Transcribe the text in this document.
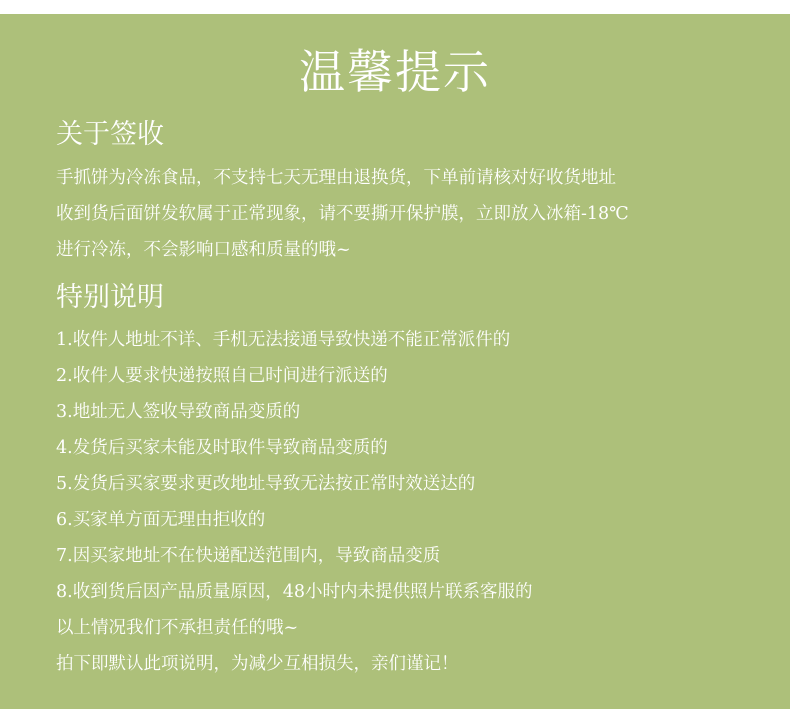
温馨提示
关于签收
手抓饼为冷冻食品，不支持七天无理由退换货，下单前请核对好收货地址
收到货后面饼发软属于正常现象，请不要撕开保护膜，立即放入冰箱-18℃
进行冷冻，不会影响口感和质量的哦~
特别说明
1.收件人地址不详、手机无法接通导致快递不能正常派件的
2.收件人要求快递按照自己时间进行派送的
3.地址无人签收导致商品变质的
4.发货后买家未能及时取件导致商品变质的
5.发货后买家要求更改地址导致无法按正常时效送达的
6.买家单方面无理由拒收的
7.因买家地址不在快递配送范围内，导致商品变质
8.收到货后因产品质量原因，48小时内未提供照片联系客服的
以上情况我们不承担责任的哦~
拍下即默认此项说明，为减少互相损失，亲们谨记！
